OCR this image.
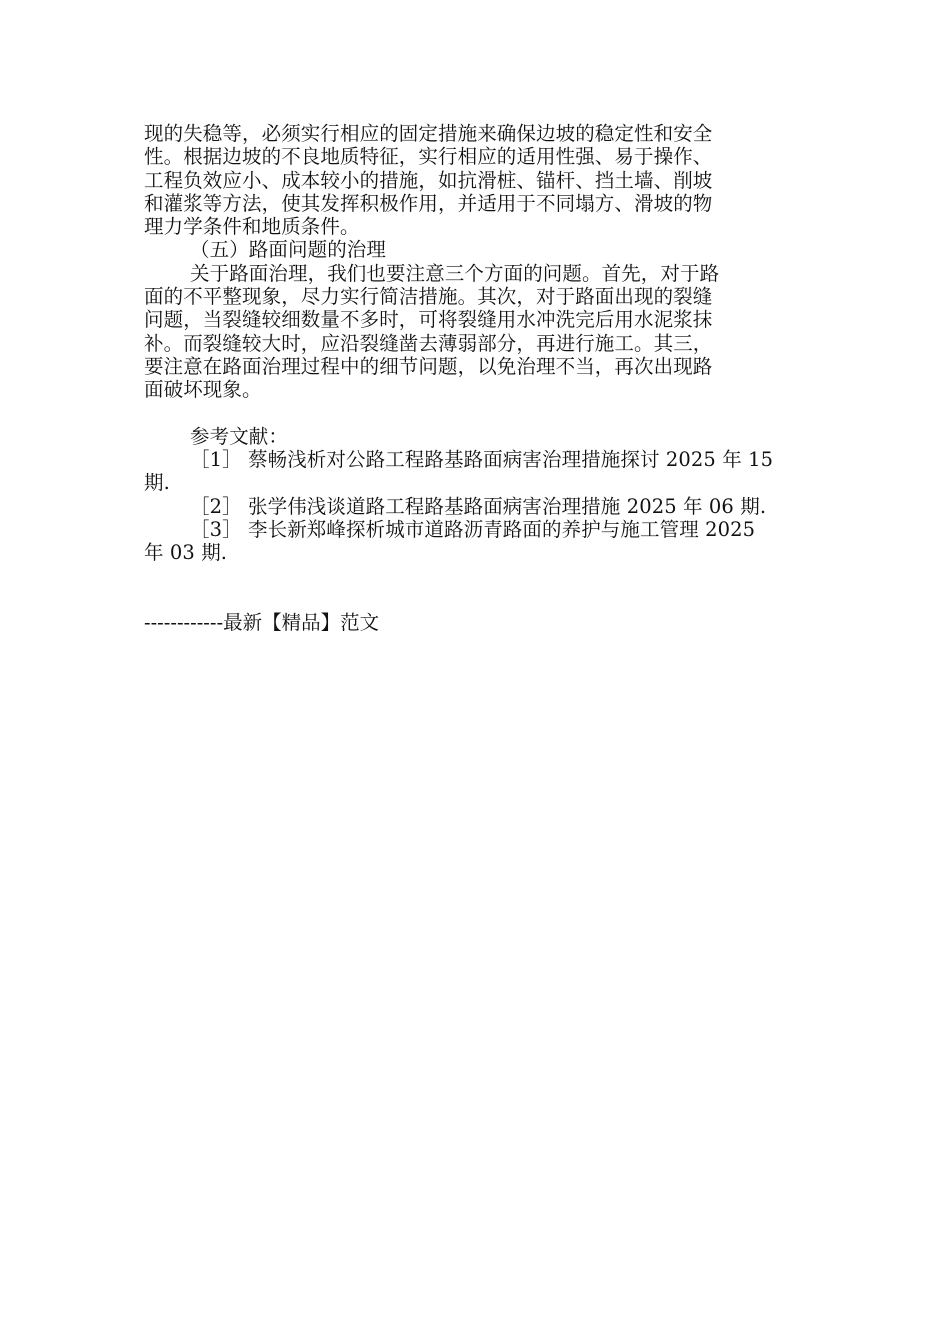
现的失稳等，必须实行相应的固定措施来确保边坡的稳定性和安全
性。根据边坡的不良地质特征，实行相应的适用性强、易于操作、
工程负效应小、成本较小的措施，如抗滑桩、锚杆、挡土墙、削坡
和灌浆等方法，使其发挥积极作用，并适用于不同塌方、滑坡的物
理力学条件和地质条件。
（五）路面问题的治理
关于路面治理，我们也要注意三个方面的问题。首先，对于路
面的不平整现象，尽力实行简洁措施。其次，对于路面出现的裂缝
问题，当裂缝较细数量不多时，可将裂缝用水冲洗完后用水泥浆抹
补。而裂缝较大时，应沿裂缝凿去薄弱部分，再进行施工。其三，
要注意在路面治理过程中的细节问题，以免治理不当，再次出现路
面破坏现象。
参考文献：
［1］ 蔡畅浅析对公路工程路基路面病害治理措施探讨 2025 年 15
期.
［2］ 张学伟浅谈道路工程路基路面病害治理措施 2025 年 06 期.
［3］ 李长新郑峰探析城市道路沥青路面的养护与施工管理 2025
年 03 期.
------------最新【精品】范文
